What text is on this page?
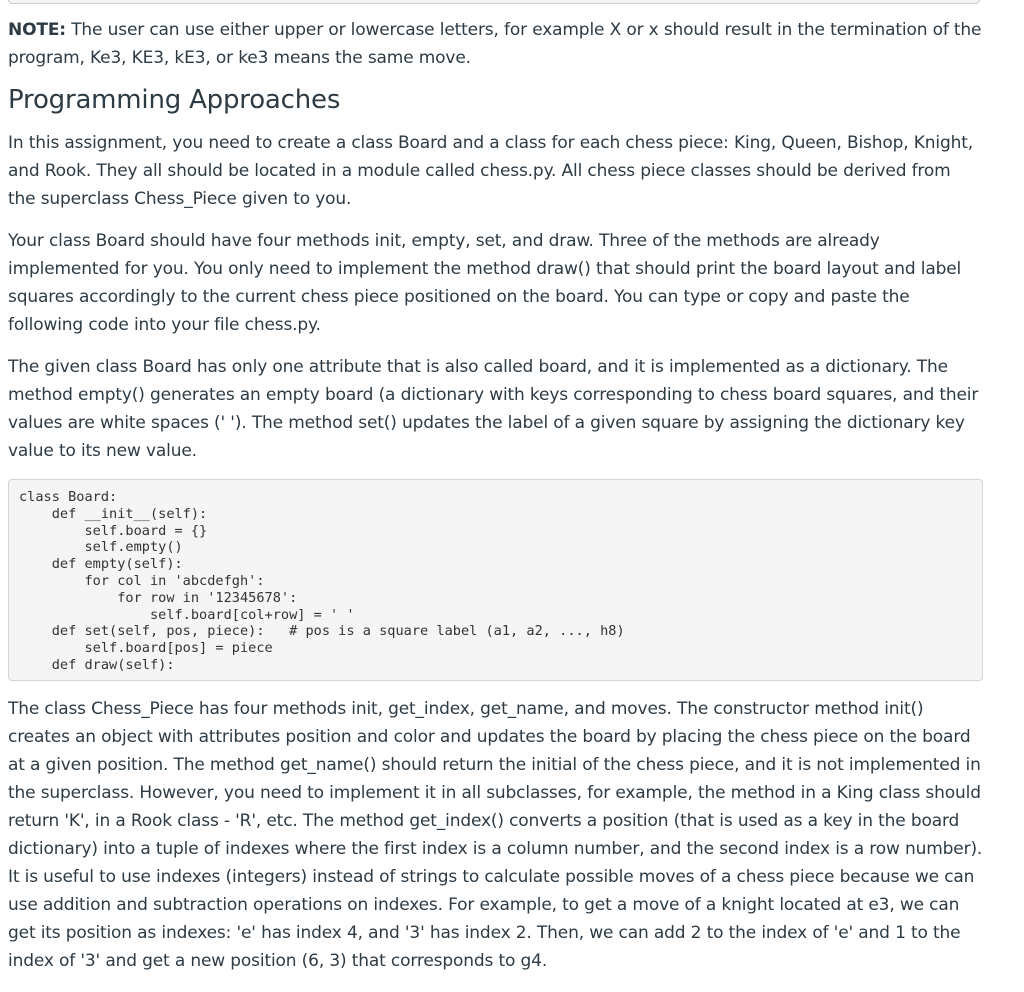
NOTE: The user can use either upper or lowercase letters, for example X or x should result in the termination of the program, Ke3, KE3, kE3, or ke3 means the same move.

Programming Approaches

In this assignment, you need to create a class Board and a class for each chess piece: King, Queen, Bishop, Knight, and Rook. They all should be located in a module called chess.py. All chess piece classes should be derived from the superclass Chess_Piece given to you.

Your class Board should have four methods init, empty, set, and draw. Three of the methods are already implemented for you. You only need to implement the method draw() that should print the board layout and label squares accordingly to the current chess piece positioned on the board. You can type or copy and paste the following code into your file chess.py.

The given class Board has only one attribute that is also called board, and it is implemented as a dictionary. The method empty() generates an empty board (a dictionary with keys corresponding to chess board squares, and their values are white spaces (' '). The method set() updates the label of a given square by assigning the dictionary key value to its new value.

class Board:
def __init__(self):
self.board = {}
self.empty()
def empty(self):
for col in 'abcdefgh':
for row in '12345678':
self.board[col+row] = ' '
def set(self, pos, piece):   # pos is a square label (a1, a2, ..., h8)
self.board[pos] = piece
def draw(self):

The class Chess_Piece has four methods init, get_index, get_name, and moves. The constructor method init() creates an object with attributes position and color and updates the board by placing the chess piece on the board at a given position. The method get_name() should return the initial of the chess piece, and it is not implemented in the superclass. However, you need to implement it in all subclasses, for example, the method in a King class should return 'K', in a Rook class - 'R', etc. The method get_index() converts a position (that is used as a key in the board dictionary) into a tuple of indexes where the first index is a column number, and the second index is a row number). It is useful to use indexes (integers) instead of strings to calculate possible moves of a chess piece because we can use addition and subtraction operations on indexes. For example, to get a move of a knight located at e3, we can get its position as indexes: 'e' has index 4, and '3' has index 2. Then, we can add 2 to the index of 'e' and 1 to the index of '3' and get a new position (6, 3) that corresponds to g4.
